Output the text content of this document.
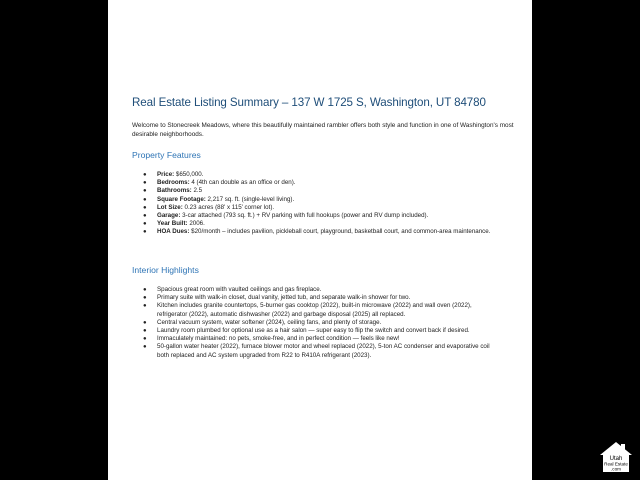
Real Estate Listing Summary – 137 W 1725 S, Washington, UT 84780
Welcome to Stonecreek Meadows, where this beautifully maintained rambler offers both style and function in one of Washington's most desirable neighborhoods.
Property Features
● Price: $650,000.
● Bedrooms: 4 (4th can double as an office or den).
● Bathrooms: 2.5
● Square Footage: 2,217 sq. ft. (single-level living).
● Lot Size: 0.23 acres (88' x 115' corner lot).
● Garage: 3-car attached (793 sq. ft.) + RV parking with full hookups (power and RV dump included).
● Year Built: 2006.
● HOA Dues: $20/month – includes pavilion, pickleball court, playground, basketball court, and common-area maintenance.
Interior Highlights
● Spacious great room with vaulted ceilings and gas fireplace.
● Primary suite with walk-in closet, dual vanity, jetted tub, and separate walk-in shower for two.
● Kitchen includes granite countertops, 5-burner gas cooktop (2022), built-in microwave (2022) and wall oven (2022), refrigerator (2022), automatic dishwasher (2022) and garbage disposal (2025) all replaced.
● Central vacuum system, water softener (2024), ceiling fans, and plenty of storage.
● Laundry room plumbed for optional use as a hair salon — super easy to flip the switch and convert back if desired.
● Immaculately maintained: no pets, smoke-free, and in perfect condition — feels like new!
● 50-gallon water heater (2022), furnace blower motor and wheel replaced (2022), 5-ton AC condenser and evaporative coil both replaced and AC system upgraded from R22 to R410A refrigerant (2023).
Utah
Real Estate
.com
